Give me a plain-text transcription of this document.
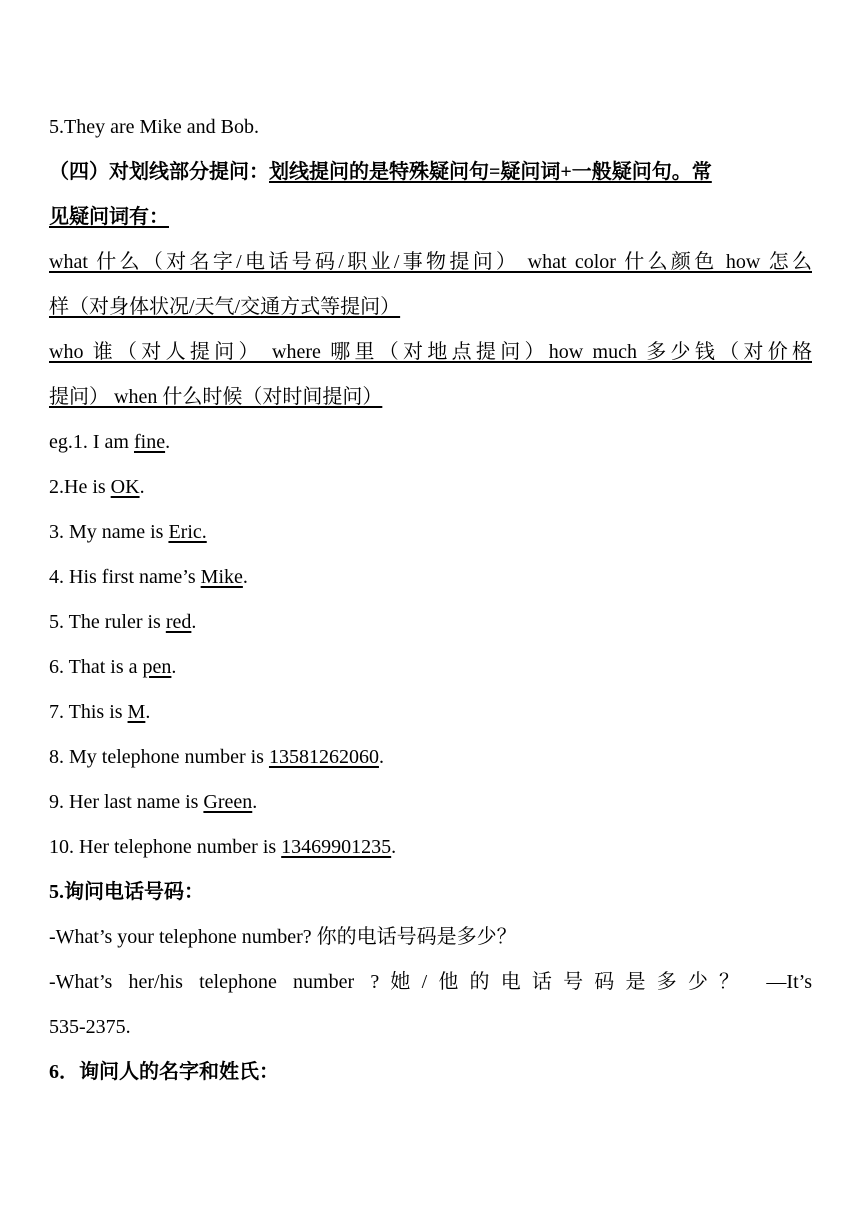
5.They are Mike and Bob.
（四）对划线部分提问：划线提问的是特殊疑问句=疑问词+一般疑问句。常
见疑问词有：
what 什么（对名字/电话号码/职业/事物提问） what color 什么颜色 how 怎么
样（对身体状况/天气/交通方式等提问）
who 谁（对人提问） where 哪里（对地点提问）how much 多少钱（对价格
提问） when 什么时候（对时间提问）
eg.1. I am fine.
2.He is OK.
3. My name is Eric.
4. His first name’s Mike.
5. The ruler is red.
6. That is a pen.
7. This is M.
8. My telephone number is 13581262060.
9. Her last name is Green.
10. Her telephone number is 13469901235.
5.询问电话号码：
-What’s your telephone number? 你的电话号码是多少？
-What’s her/his telephone number ?她/他的电话号码是多少？ —It’s
535-2375.
6．询问人的名字和姓氏：
